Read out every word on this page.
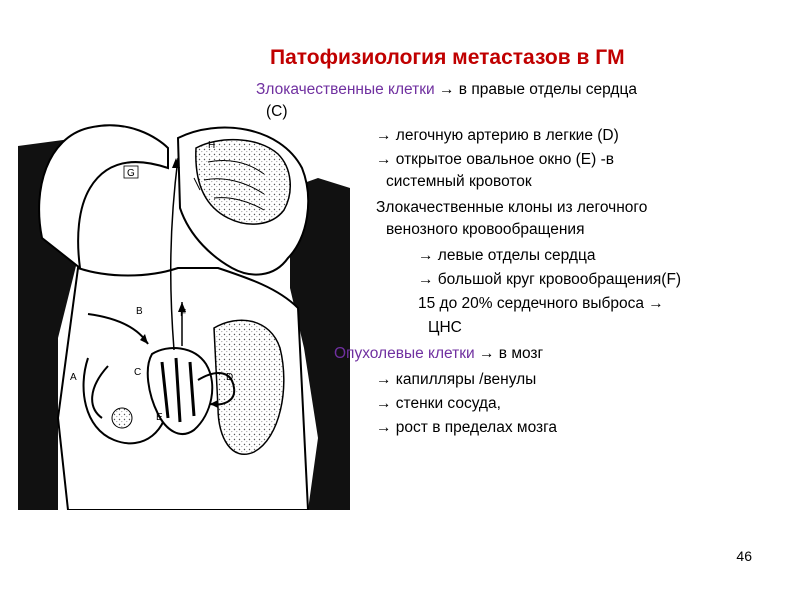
Патофизиология метастазов в ГМ
G
H
B	F
A	C	D
E
Злокачественные клетки → в правые отделы сердца
(С)
→ легочную артерию в легкие (D)
→ открытое овальное окно (Е) -в
системный кровоток
Злокачественные клоны из легочного
венозного кровообращения
→ левые отделы сердца
→ большой круг кровообращения(F)
15 до 20% сердечного выброса →
ЦНС
Опухолевые клетки → в мозг
→ капилляры /венулы
→ стенки сосуда,
→ рост в пределах мозга
46
